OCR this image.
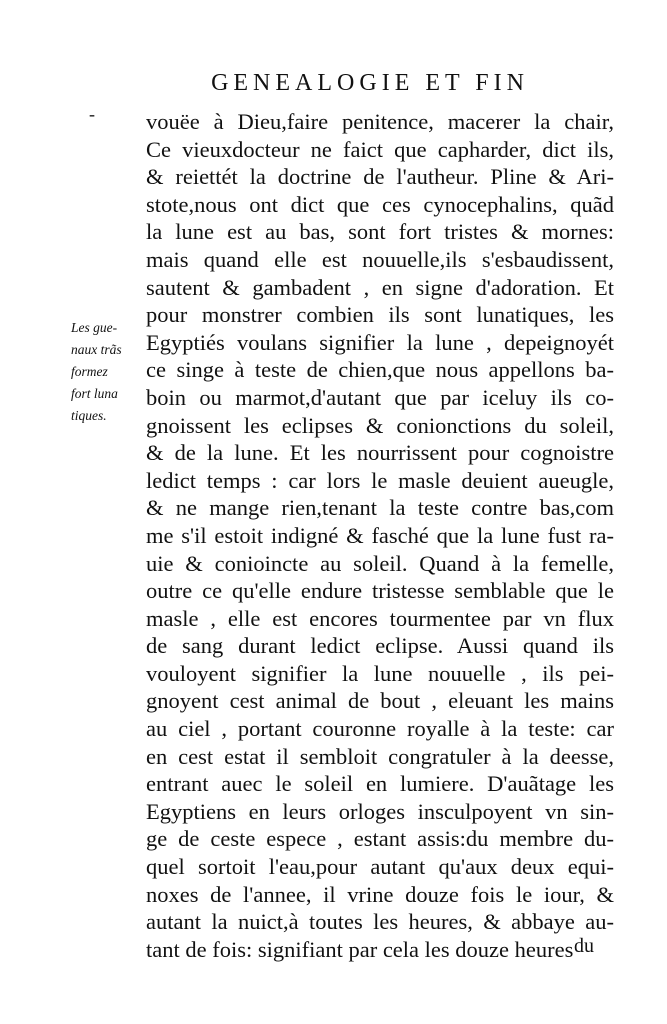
GENEALOGIE ET FIN
-
Les gue-
naux trãs
formez
fort luna
tiques.
vouëe à Dieu,faire penitence, macerer la chair,
Ce vieuxdocteur ne faict que capharder, dict ils,
& reiettét la doctrine de l'autheur. Pline & Ari-
stote,nous ont dict que ces cynocephalins, quãd
la lune est au bas, sont fort tristes & mornes:
mais quand elle est nouuelle,ils s'esbaudissent,
sautent & gambadent , en signe d'adoration. Et
pour monstrer combien ils sont lunatiques, les
Egyptiés voulans signifier la lune , depeignoyét
ce singe à teste de chien,que nous appellons ba-
boin ou marmot,d'autant que par iceluy ils co-
gnoissent les eclipses & conionctions du soleil,
& de la lune. Et les nourrissent pour cognoistre
ledict temps : car lors le masle deuient aueugle,
& ne mange rien,tenant la teste contre bas,com
me s'il estoit indigné & fasché que la lune fust ra-
uie & conioincte au soleil. Quand à la femelle,
outre ce qu'elle endure tristesse semblable que le
masle , elle est encores tourmentee par vn flux
de sang durant ledict eclipse. Aussi quand ils
vouloyent signifier la lune nouuelle , ils pei-
gnoyent cest animal de bout , eleuant les mains
au ciel , portant couronne royalle à la teste: car
en cest estat il sembloit congratuler à la deesse,
entrant auec le soleil en lumiere. D'auãtage les
Egyptiens en leurs orloges insculpoyent vn sin-
ge de ceste espece , estant assis:du membre du-
quel sortoit l'eau,pour autant qu'aux deux equi-
noxes de l'annee, il vrine douze fois le iour, &
autant la nuict,à toutes les heures, & abbaye au-
tant de fois: signifiant par cela les douze heures du
